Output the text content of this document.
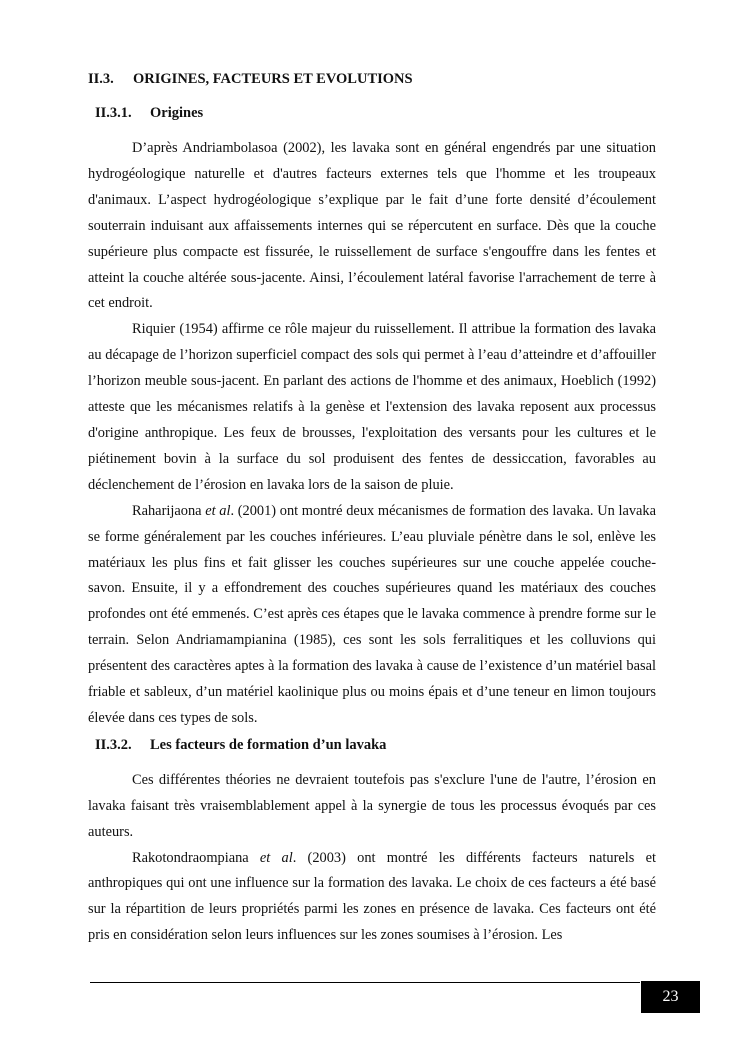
II.3. ORIGINES, FACTEURS ET EVOLUTIONS
II.3.1. Origines

D’après Andriambolasoa (2002), les lavaka sont en général engendrés par une situation hydrogéologique naturelle et d'autres facteurs externes tels que l'homme et les troupeaux d'animaux. L’aspect hydrogéologique s’explique par le fait d’une forte densité d’écoulement souterrain induisant aux affaissements internes qui se répercutent en surface. Dès que la couche supérieure plus compacte est fissurée, le ruissellement de surface s'engouffre dans les fentes et atteint la couche altérée sous-jacente. Ainsi, l’écoulement latéral favorise l'arrachement de terre à cet endroit.

Riquier (1954) affirme ce rôle majeur du ruissellement. Il attribue la formation des lavaka au décapage de l’horizon superficiel compact des sols qui permet à l’eau d’atteindre et d’affouiller l’horizon meuble sous-jacent. En parlant des actions de l'homme et des animaux, Hoeblich (1992) atteste que les mécanismes relatifs à la genèse et l'extension des lavaka reposent aux processus d'origine anthropique. Les feux de brousses, l'exploitation des versants pour les cultures et le piétinement bovin à la surface du sol produisent des fentes de dessiccation, favorables au déclenchement de l’érosion en lavaka lors de la saison de pluie.

Raharijaona et al. (2001) ont montré deux mécanismes de formation des lavaka. Un lavaka se forme généralement par les couches inférieures. L’eau pluviale pénètre dans le sol, enlève les matériaux les plus fins et fait glisser les couches supérieures sur une couche appelée couche-savon. Ensuite, il y a effondrement des couches supérieures quand les matériaux des couches profondes ont été emmenés. C’est après ces étapes que le lavaka commence à prendre forme sur le terrain. Selon Andriamampianina (1985), ces sont les sols ferralitiques et les colluvions qui présentent des caractères aptes à la formation des lavaka à cause de l’existence d’un matériel basal friable et sableux, d’un matériel kaolinique plus ou moins épais et d’une teneur en limon toujours élevée dans ces types de sols.

II.3.2. Les facteurs de formation d’un lavaka

Ces différentes théories ne devraient toutefois pas s'exclure l'une de l'autre, l’érosion en lavaka faisant très vraisemblablement appel à la synergie de tous les processus évoqués par ces auteurs.

Rakotondraompiana et al. (2003) ont montré les différents facteurs naturels et anthropiques qui ont une influence sur la formation des lavaka. Le choix de ces facteurs a été basé sur la répartition de leurs propriétés parmi les zones en présence de lavaka. Ces facteurs ont été pris en considération selon leurs influences sur les zones soumises à l’érosion. Les

23
